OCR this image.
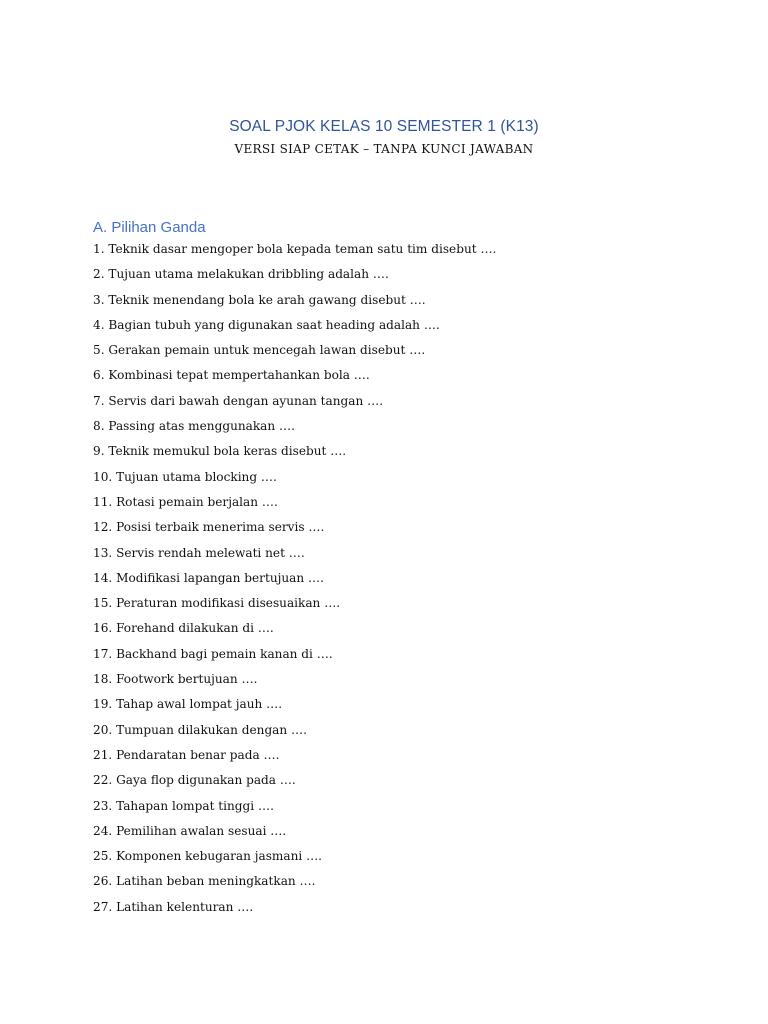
SOAL PJOK KELAS 10 SEMESTER 1 (K13)
VERSI SIAP CETAK – TANPA KUNCI JAWABAN
A. Pilihan Ganda
1. Teknik dasar mengoper bola kepada teman satu tim disebut ….
2. Tujuan utama melakukan dribbling adalah ….
3. Teknik menendang bola ke arah gawang disebut ….
4. Bagian tubuh yang digunakan saat heading adalah ….
5. Gerakan pemain untuk mencegah lawan disebut ….
6. Kombinasi tepat mempertahankan bola ….
7. Servis dari bawah dengan ayunan tangan ….
8. Passing atas menggunakan ….
9. Teknik memukul bola keras disebut ….
10. Tujuan utama blocking ….
11. Rotasi pemain berjalan ….
12. Posisi terbaik menerima servis ….
13. Servis rendah melewati net ….
14. Modifikasi lapangan bertujuan ….
15. Peraturan modifikasi disesuaikan ….
16. Forehand dilakukan di ….
17. Backhand bagi pemain kanan di ….
18. Footwork bertujuan ….
19. Tahap awal lompat jauh ….
20. Tumpuan dilakukan dengan ….
21. Pendaratan benar pada ….
22. Gaya flop digunakan pada ….
23. Tahapan lompat tinggi ….
24. Pemilihan awalan sesuai ….
25. Komponen kebugaran jasmani ….
26. Latihan beban meningkatkan ….
27. Latihan kelenturan ….
